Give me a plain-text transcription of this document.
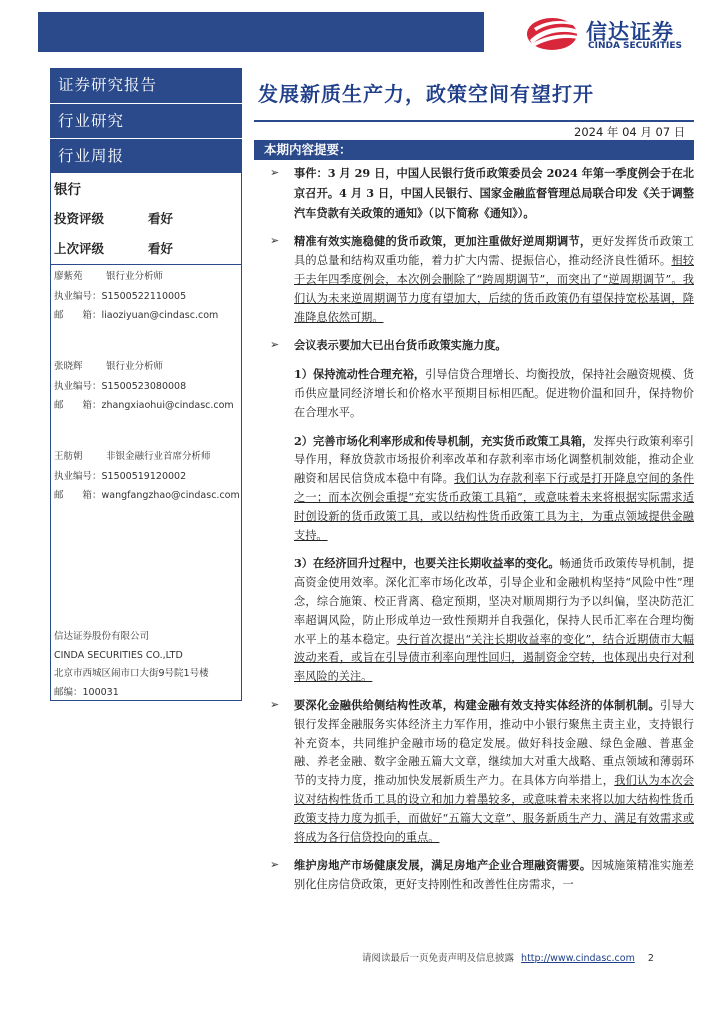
信达证券
CINDA SECURITIES
证券研究报告
行业研究
行业周报
银行
投资评级	看好
上次评级	看好
廖紫苑 银行业分析师
执业编号：S1500522110005
邮　　箱：liaoziyuan@cindasc.com
张晓辉 银行业分析师
执业编号：S1500523080008
邮　　箱：zhangxiaohui@cindasc.com
王舫朝 非银金融行业首席分析师
执业编号：S1500519120002
邮　　箱：wangfangzhao@cindasc.com
信达证券股份有限公司
CINDA SECURITIES CO.,LTD
北京市西城区闹市口大街9号院1号楼
邮编：100031
发展新质生产力，政策空间有望打开
2024 年 04 月 07 日
本期内容提要：
➢ 事件：3 月 29 日，中国人民银行货币政策委员会 2024 年第一季度例会于在北京召开。4 月 3 日，中国人民银行、国家金融监督管理总局联合印发《关于调整汽车贷款有关政策的通知》（以下简称《通知》）。
➢ 精准有效实施稳健的货币政策，更加注重做好逆周期调节，更好发挥货币政策工具的总量和结构双重功能，着力扩大内需、提振信心，推动经济良性循环。相较于去年四季度例会，本次例会删除了“跨周期调节”，而突出了“逆周期调节”。我们认为未来逆周期调节力度有望加大，后续的货币政策仍有望保持宽松基调，降准降息依然可期。
➢ 会议表示要加大已出台货币政策实施力度。
1）保持流动性合理充裕，引导信贷合理增长、均衡投放，保持社会融资规模、货币供应量同经济增长和价格水平预期目标相匹配。促进物价温和回升，保持物价在合理水平。
2）完善市场化利率形成和传导机制，充实货币政策工具箱，发挥央行政策利率引导作用，释放贷款市场报价利率改革和存款利率市场化调整机制效能，推动企业融资和居民信贷成本稳中有降。我们认为存款利率下行或是打开降息空间的条件之一；而本次例会重提“充实货币政策工具箱”，或意味着未来将根据实际需求适时创设新的货币政策工具，或以结构性货币政策工具为主，为重点领域提供金融支持。
3）在经济回升过程中，也要关注长期收益率的变化。畅通货币政策传导机制，提高资金使用效率。深化汇率市场化改革，引导企业和金融机构坚持“风险中性”理念，综合施策、校正背离、稳定预期，坚决对顺周期行为予以纠偏，坚决防范汇率超调风险，防止形成单边一致性预期并自我强化，保持人民币汇率在合理均衡水平上的基本稳定。央行首次提出“关注长期收益率的变化”，结合近期债市大幅波动来看，或旨在引导债市利率向理性回归，遏制资金空转，也体现出央行对利率风险的关注。
➢ 要深化金融供给侧结构性改革，构建金融有效支持实体经济的体制机制。引导大银行发挥金融服务实体经济主力军作用，推动中小银行聚焦主责主业，支持银行补充资本，共同维护金融市场的稳定发展。做好科技金融、绿色金融、普惠金融、养老金融、数字金融五篇大文章，继续加大对重大战略、重点领域和薄弱环节的支持力度，推动加快发展新质生产力。在具体方向举措上，我们认为本次会议对结构性货币工具的设立和加力着墨较多，或意味着未来将以加大结构性货币政策支持力度为抓手，而做好“五篇大文章”、服务新质生产力、满足有效需求或将成为各行信贷投向的重点。
➢ 维护房地产市场健康发展，满足房地产企业合理融资需要。因城施策精准实施差别化住房信贷政策，更好支持刚性和改善性住房需求，一
请阅读最后一页免责声明及信息披露 http://www.cindasc.com 2
